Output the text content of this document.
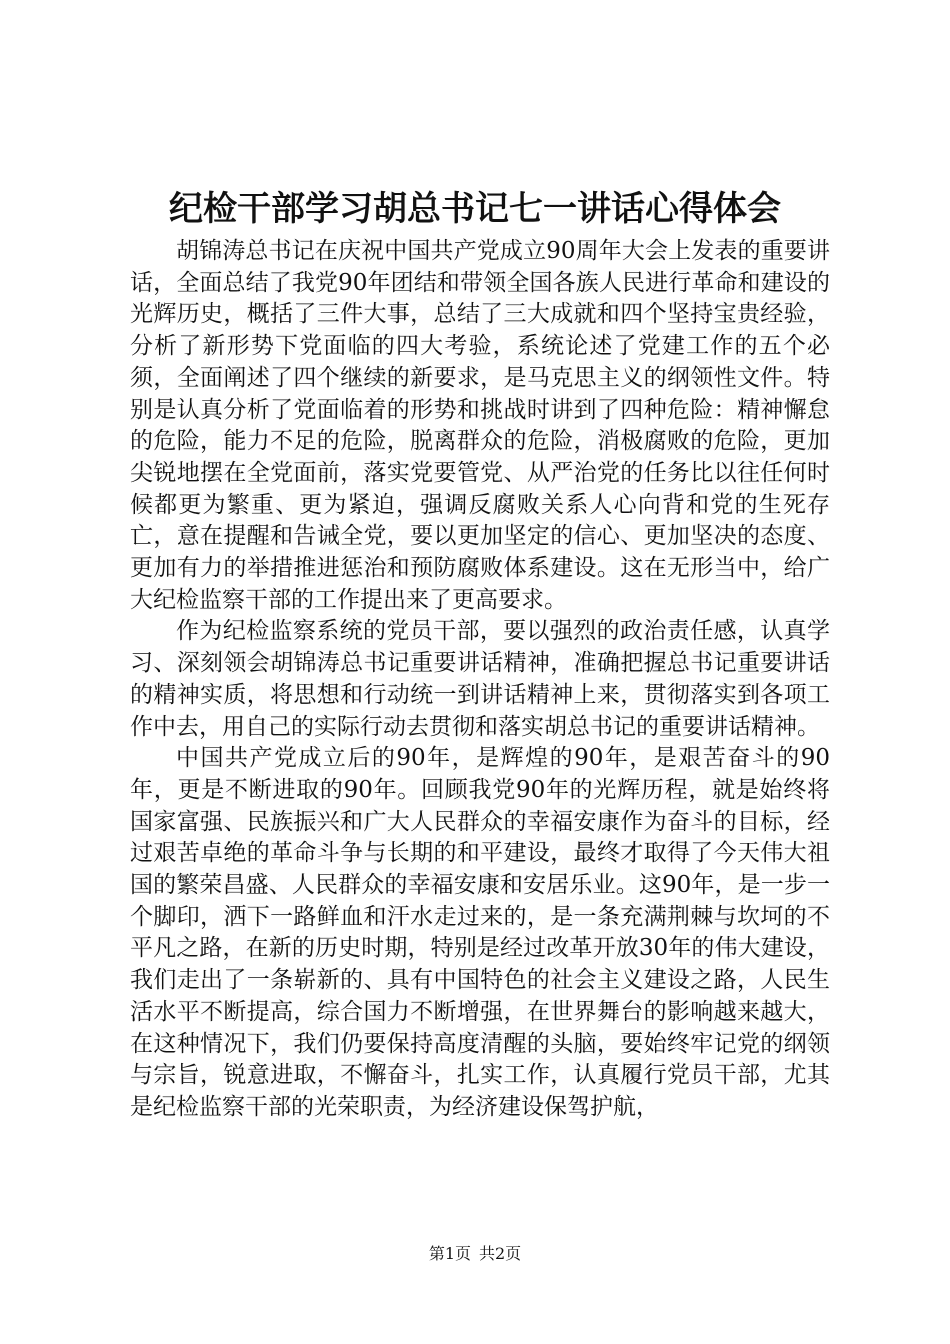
纪检干部学习胡总书记七一讲话心得体会

胡锦涛总书记在庆祝中国共产党成立90周年大会上发表的重要讲话，全面总结了我党90年团结和带领全国各族人民进行革命和建设的光辉历史，概括了三件大事，总结了三大成就和四个坚持宝贵经验，分析了新形势下党面临的四大考验，系统论述了党建工作的五个必须，全面阐述了四个继续的新要求，是马克思主义的纲领性文件。特别是认真分析了党面临着的形势和挑战时讲到了四种危险：精神懈怠的危险，能力不足的危险，脱离群众的危险，消极腐败的危险，更加尖锐地摆在全党面前，落实党要管党、从严治党的任务比以往任何时候都更为繁重、更为紧迫，强调反腐败关系人心向背和党的生死存亡，意在提醒和告诫全党，要以更加坚定的信心、更加坚决的态度、更加有力的举措推进惩治和预防腐败体系建设。这在无形当中，给广大纪检监察干部的工作提出来了更高要求。

作为纪检监察系统的党员干部，要以强烈的政治责任感，认真学习、深刻领会胡锦涛总书记重要讲话精神，准确把握总书记重要讲话的精神实质，将思想和行动统一到讲话精神上来，贯彻落实到各项工作中去，用自己的实际行动去贯彻和落实胡总书记的重要讲话精神。

中国共产党成立后的90年，是辉煌的90年，是艰苦奋斗的90年，更是不断进取的90年。回顾我党90年的光辉历程，就是始终将国家富强、民族振兴和广大人民群众的幸福安康作为奋斗的目标，经过艰苦卓绝的革命斗争与长期的和平建设，最终才取得了今天伟大祖国的繁荣昌盛、人民群众的幸福安康和安居乐业。这90年，是一步一个脚印，洒下一路鲜血和汗水走过来的，是一条充满荆棘与坎坷的不平凡之路，在新的历史时期，特别是经过改革开放30年的伟大建设，我们走出了一条崭新的、具有中国特色的社会主义建设之路，人民生活水平不断提高，综合国力不断增强，在世界舞台的影响越来越大，在这种情况下，我们仍要保持高度清醒的头脑，要始终牢记党的纲领与宗旨，锐意进取，不懈奋斗，扎实工作，认真履行党员干部，尤其是纪检监察干部的光荣职责，为经济建设保驾护航，

第1页 共2页
